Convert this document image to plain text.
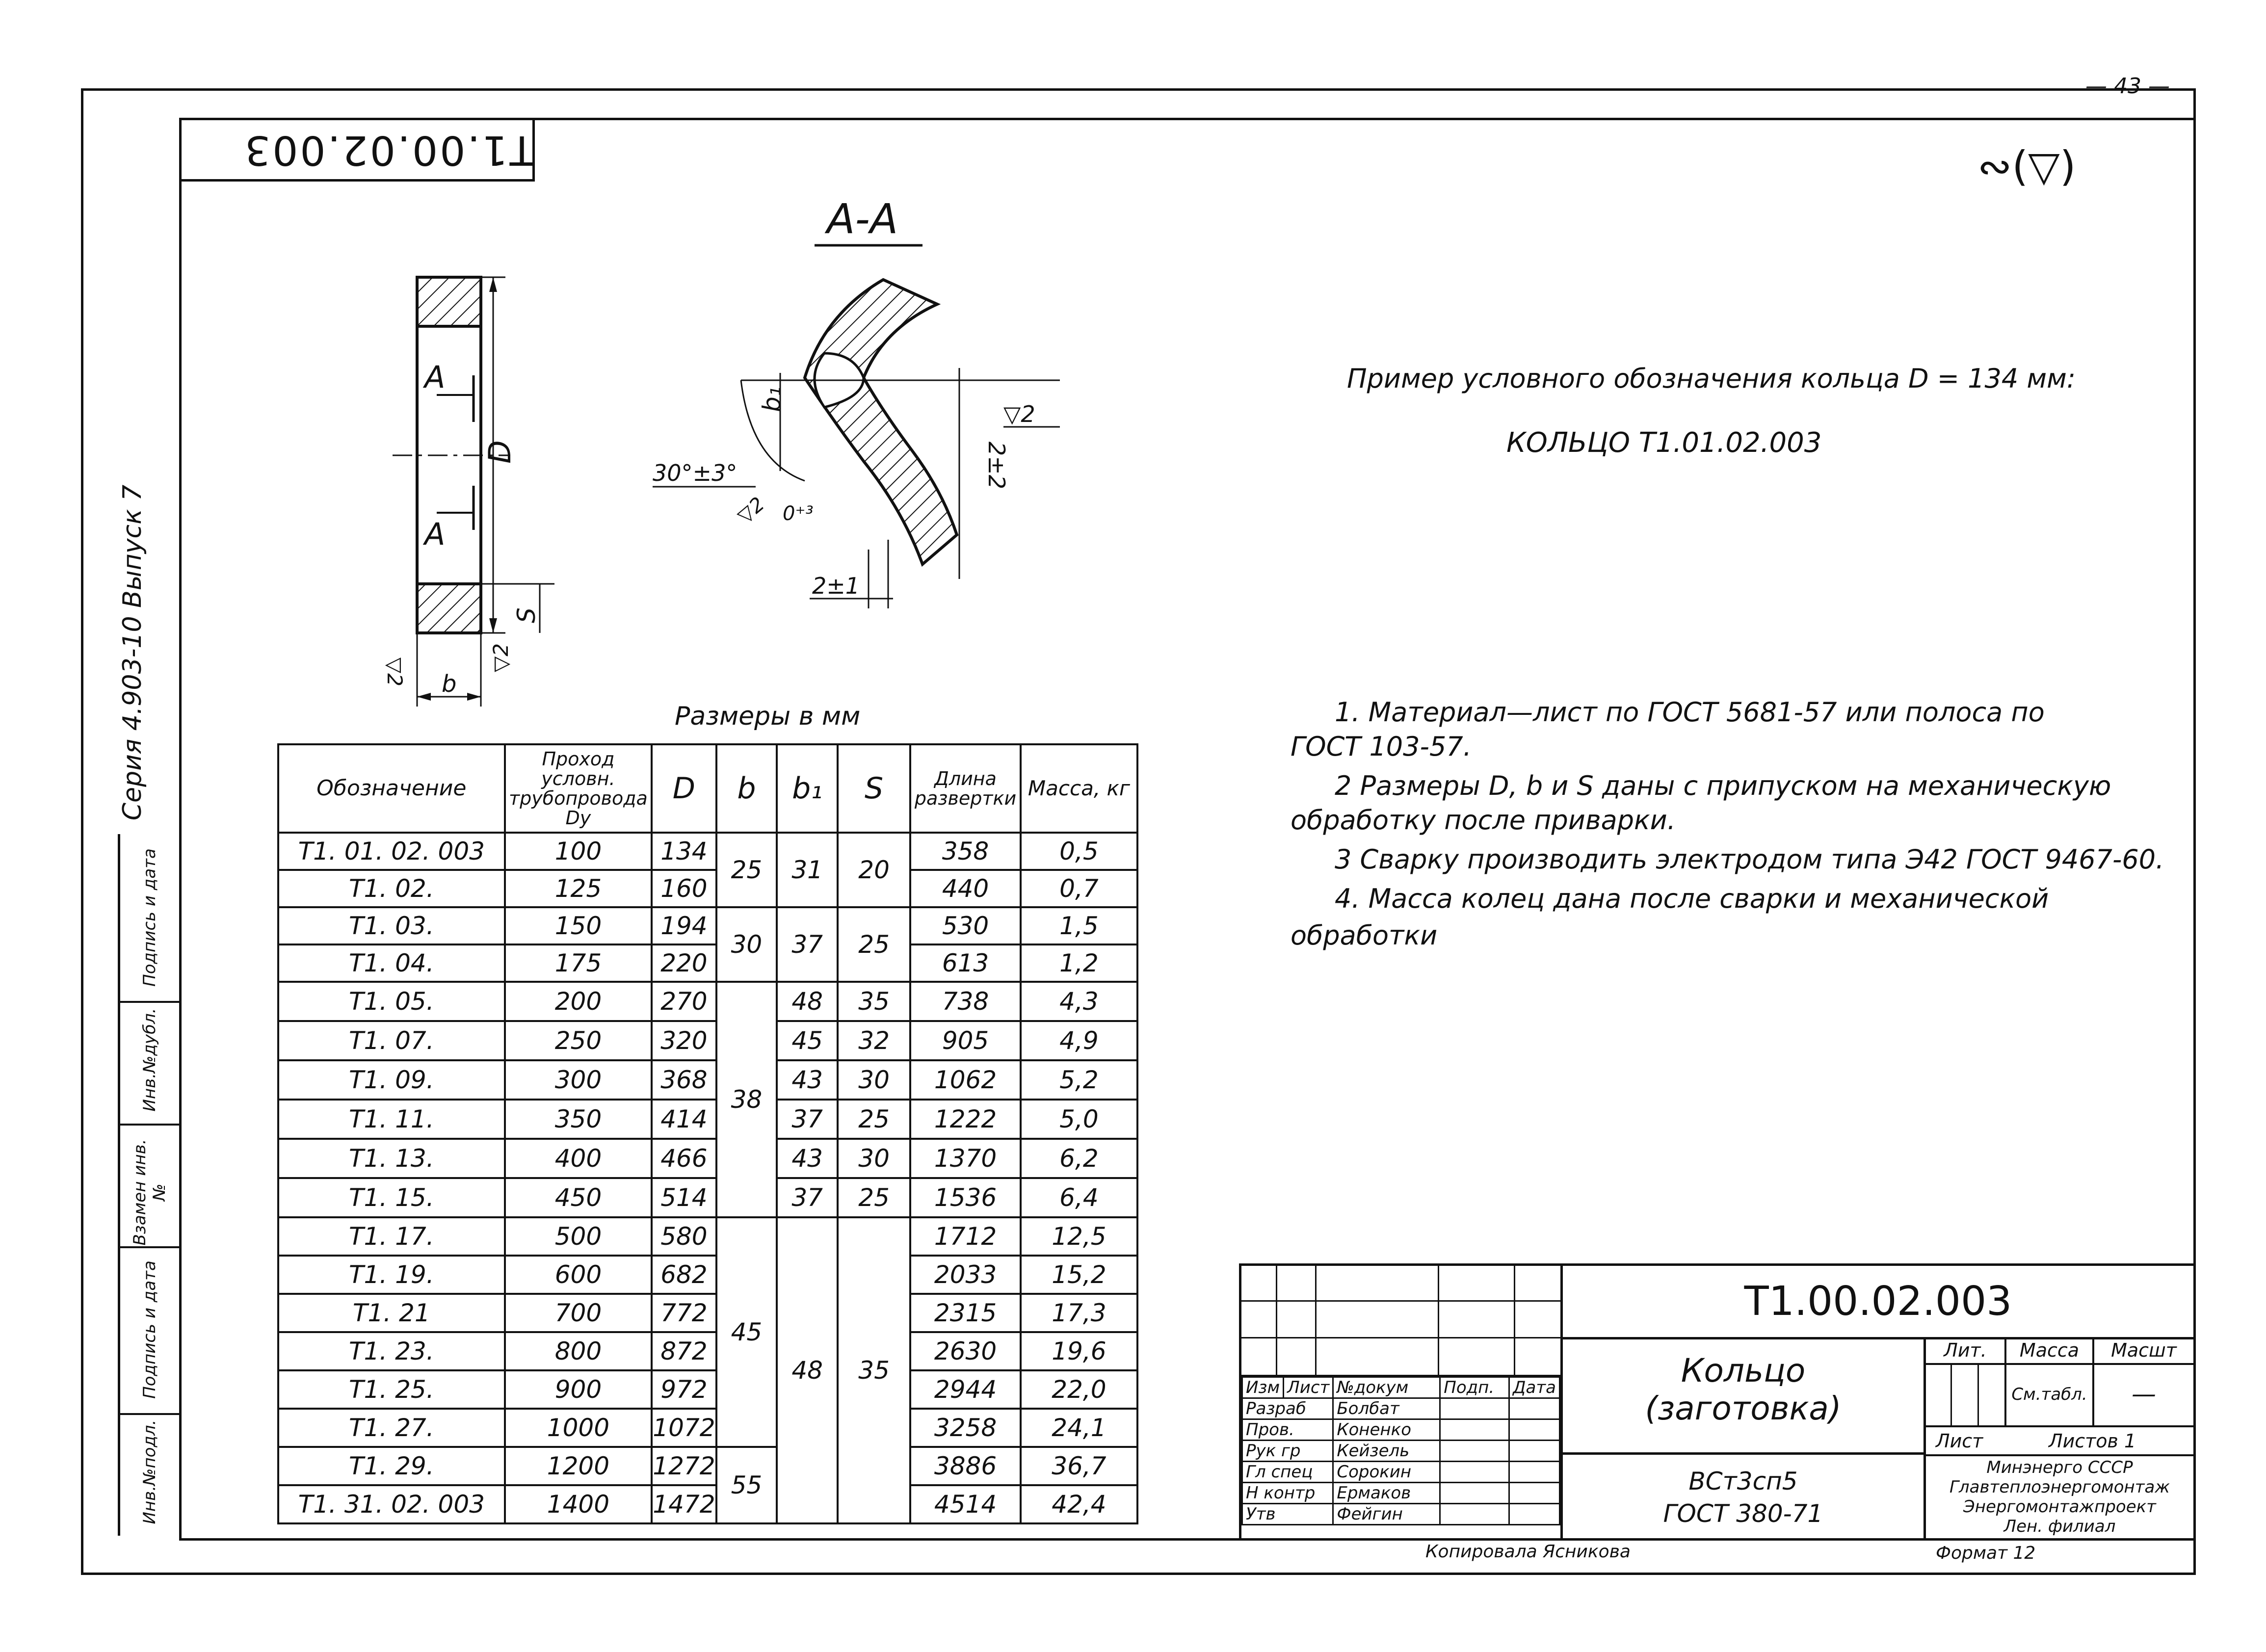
— 43 —
Т1.00.02.003	∾(▽)
Серия 4.903-10 Выпуск 7
Подпись и дата
Инв.№дубл.
Взамен инв.№
Подпись и дата
Инв.№подл.
А
А
D
S
b
▽2	▽2
А-А
30°±3°
▽2
b₁
0⁺³
2±2
▽2
2±1
Пример условного обозначения кольца D = 134 мм:
КОЛЬЦО Т1.01.02.003
1. Материал—лист по ГОСТ 5681-57 или полоса по
ГОСТ 103-57.
2 Размеры D, b и S даны с припуском на механическую
обработку после приварки.
3 Сварку производить электродом типа Э42 ГОСТ 9467-60.
4. Масса колец дана после сварки и механической
обработки
Размеры в мм
Обозначение	Проход условн. трубопровода Dу	D	b	b₁	S	Длина развертки	Масса, кг
Т1. 01. 02. 003	100	134	25	31	20	358	0,5
Т1. 02.	125	160				440	0,7
Т1. 03.	150	194	30	37	25	530	1,5
Т1. 04.	175	220				613	1,2
Т1. 05.	200	270	38	48	35	738	4,3
Т1. 07.	250	320		45	32	905	4,9
Т1. 09.	300	368		43	30	1062	5,2
Т1. 11.	350	414		37	25	1222	5,0
Т1. 13.	400	466		43	30	1370	6,2
Т1. 15.	450	514		37	25	1536	6,4
Т1. 17.	500	580	45	48	35	1712	12,5
Т1. 19.	600	682				2033	15,2
Т1. 21	700	772				2315	17,3
Т1. 23.	800	872				2630	19,6
Т1. 25.	900	972				2944	22,0
Т1. 27.	1000	1072				3258	24,1
Т1. 29.	1200	1272	55			3886	36,7
Т1. 31. 02. 003	1400	1472				4514	42,4
Изм	Лист	№докум	Подп.	Дата
Разраб		Болбат		
Пров.		Коненко		
Рук гр		Кейзель		
Гл спец		Сорокин		
Н контр		Ермаков		
Утв		Фейгин		
Т1.00.02.003
Кольцо
(заготовка)
ВСт3сп5
ГОСТ 380-71
Лит.	Масса
См.табл.
Масшт
—
Лист	Листов 1
Минэнерго СССР
Главтеплоэнергомонтаж
Энергомонтажпроект
Лен. филиал
Копировала Ясникова	Формат 12
